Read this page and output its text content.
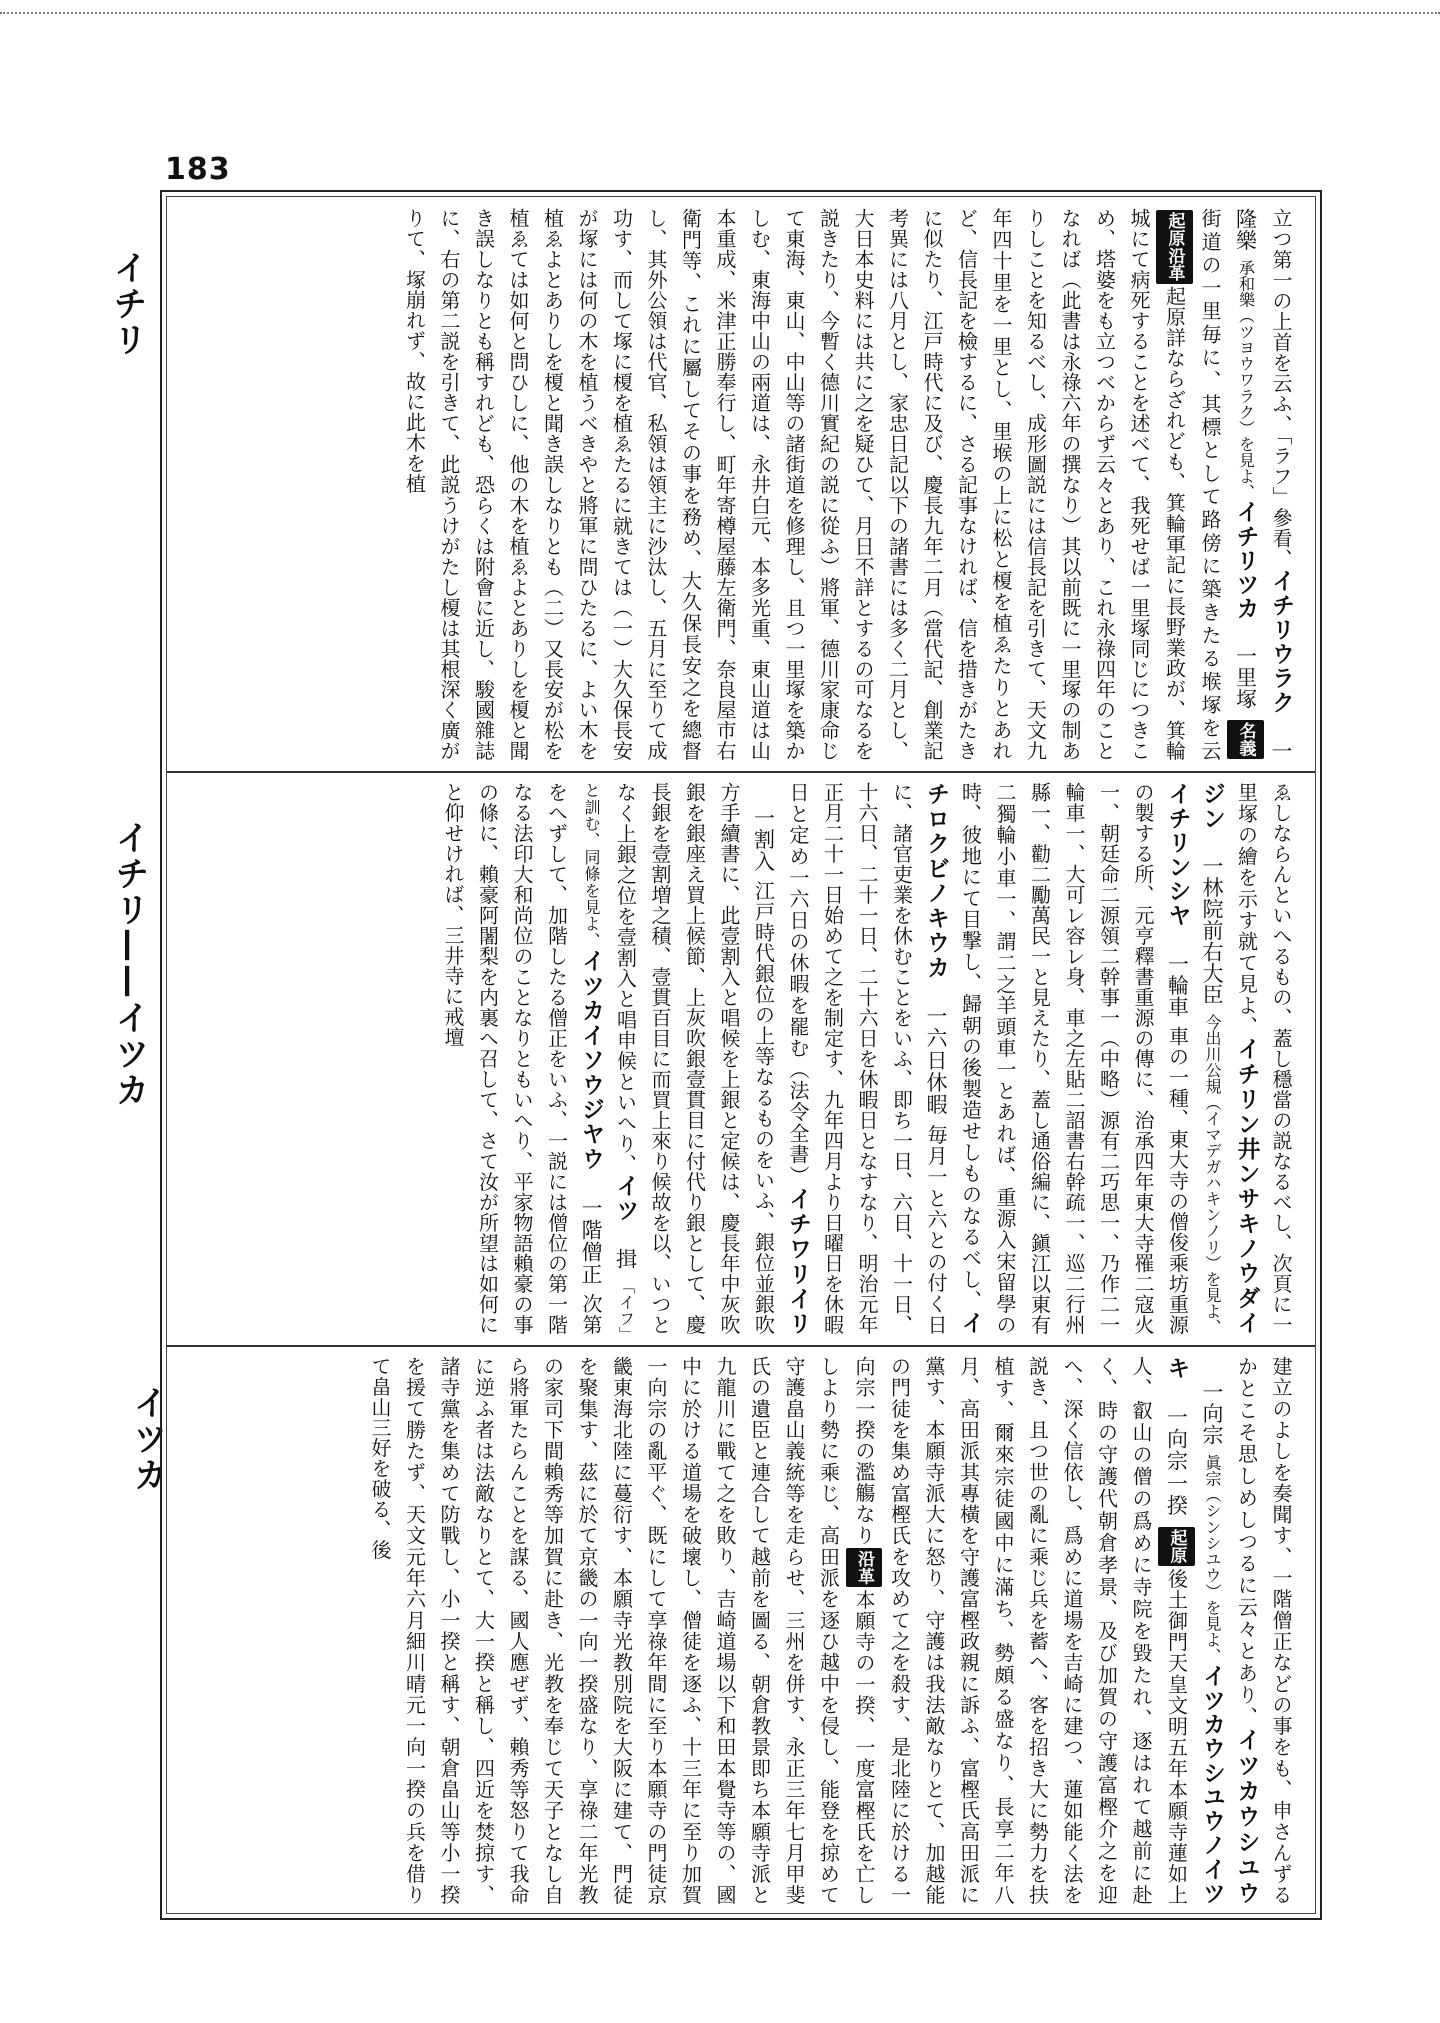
183
イチリ
イチリ——イツカ
イツカ
立つ第一の上首を云ふ、「ラフ」參看、イチリウラク一隆樂承和樂（ツヨウワラク）を見よ、イチリツカ一里塚名義街道の一里毎に、其標として路傍に築きたる堠塚を云起原沿革起原詳ならざれども、箕輪軍記に長野業政が、箕輪城にて病死することを述べて、我死せば一里塚同じにつきこめ、塔婆をも立つべからず云々とあり、これ永祿四年のことなれば（此書は永祿六年の撰なり）其以前既に一里塚の制ありしことを知るべし、成形圖説には信長記を引きて、天文九年四十里を一里とし、里堠の上に松と榎を植ゑたりとあれど、信長記を檢するに、さる記事なければ、信を措きがたきに似たり、江戸時代に及び、慶長九年二月（當代記、創業記考異には八月とし、家忠日記以下の諸書には多く二月とし、大日本史料には共に之を疑ひて、月日不詳とするの可なるを説きたり、今暫く德川實紀の説に從ふ）將軍、德川家康命じて東海、東山、中山等の諸街道を修理し、且つ一里塚を築かしむ、東海中山の兩道は、永井白元、本多光重、東山道は山本重成、米津正勝奉行し、町年寄樽屋藤左衛門、奈良屋市右衛門等、これに屬してその事を務め、大久保長安之を總督し、其外公領は代官、私領は領主に沙汰し、五月に至りて成功す、而して塚に榎を植ゑたるに就きては（一）大久保長安が塚には何の木を植うべきやと將軍に問ひたるに、よい木を植ゑよとありしを榎と聞き誤しなりとも（二）又長安が松を植ゑては如何と問ひしに、他の木を植ゑよとありしを榎と聞き誤しなりとも稱すれども、恐らくは附會に近し、駿國雜誌に、右の第二説を引きて、此説うけがたし榎は其根深く廣がりて、塚崩れず、故に此木を植
ゑしならんといへるもの、蓋し穩當の説なるべし、次頁に一里塚の繪を示す就て見よ、イチリン井ンサキノウダイジン一林院前右大臣今出川公規（イマデガハキンノリ）を見よ、イチリンシヤ一輪車車の一種、東大寺の僧俊乘坊重源の製する所、元亨釋書重源の傳に、治承四年東大寺罹二寇火一、朝廷命二源領二幹事一（中略）源有二巧思一、乃作二一輪車一、大可レ容レ身、車之左貼二詔書右幹疏一、巡二行州縣一、勸二勵萬民一と見えたり、蓋し通俗編に、鎭江以東有二獨輪小車一、謂二之羊頭車一とあれば、重源入宋留學の時、彼地にて目撃し、歸朝の後製造せしものなるべし、イチロクビノキウカ一六日休暇毎月一と六との付く日に、諸官吏業を休むことをいふ、即ち一日、六日、十一日、十六日、二十一日、二十六日を休暇日となすなり、明治元年正月二十一日始めて之を制定す、九年四月より日曜日を休暇日と定め一六日の休暇を罷む（法令全書）イチワリイリ一割入江戸時代銀位の上等なるものをいふ、銀位並銀吹方手續書に、此壹割入と唱候を上銀と定候は、慶長年中灰吹銀を銀座え買上候節、上灰吹銀壹貫目に付代り銀として、慶長銀を壹割増之積、壹貫百目に而買上來り候故を以、いつとなく上銀之位を壹割入と唱申候といへり、イツ揖「イフ」と訓む、同條を見よ、イツカイソウジヤウ一階僧正次第をへずして、加階したる僧正をいふ、一説には僧位の第一階なる法印大和尚位のことなりともいへり、平家物語賴豪の事の條に、賴豪阿闍梨を内裏へ召して、さて汝が所望は如何にと仰せければ、三井寺に戒壇
建立のよしを奏聞す、一階僧正などの事をも、申さんずるかとこそ思しめしつるに云々とあり、イツカウシユウ一向宗眞宗（シンシユウ）を見よ、イツカウシユウノイツキ一向宗一揆起原後土御門天皇文明五年本願寺蓮如上人、叡山の僧の爲めに寺院を毀たれ、逐はれて越前に赴く、時の守護代朝倉孝景、及び加賀の守護富樫介之を迎へ、深く信依し、爲めに道場を吉崎に建つ、蓮如能く法を説き、且つ世の亂に乘じ兵を蓄へ、客を招き大に勢力を扶植す、爾來宗徒國中に滿ち、勢頗る盛なり、長享二年八月、高田派其專橫を守護富樫政親に訴ふ、富樫氏高田派に黨す、本願寺派大に怒り、守護は我法敵なりとて、加越能の門徒を集め富樫氏を攻めて之を殺す、是北陸に於ける一向宗一揆の濫觴なり沿革本願寺の一揆、一度富樫氏を亡ししより勢に乘じ、高田派を逐ひ越中を侵し、能登を掠めて守護畠山義統等を走らせ、三州を併す、永正三年七月甲斐氏の遺臣と連合して越前を圖る、朝倉教景即ち本願寺派と九龍川に戰て之を敗り、吉崎道場以下和田本覺寺等の、國中に於ける道場を破壞し、僧徒を逐ふ、十三年に至り加賀一向宗の亂平ぐ、既にして享祿年間に至り本願寺の門徒京畿東海北陸に蔓衍す、本願寺光教別院を大阪に建て、門徒を聚集す、茲に於て京畿の一向一揆盛なり、享祿二年光教の家司下間賴秀等加賀に赴き、光教を奉じて天子となし自ら將軍たらんことを謀る、國人應ぜず、賴秀等怒りて我命に逆ふ者は法敵なりとて、大一揆と稱し、四近を焚掠す、諸寺黨を集めて防戰し、小一揆と稱す、朝倉畠山等小一揆を援て勝たず、天文元年六月細川晴元一向一揆の兵を借りて畠山三好を破る、後
